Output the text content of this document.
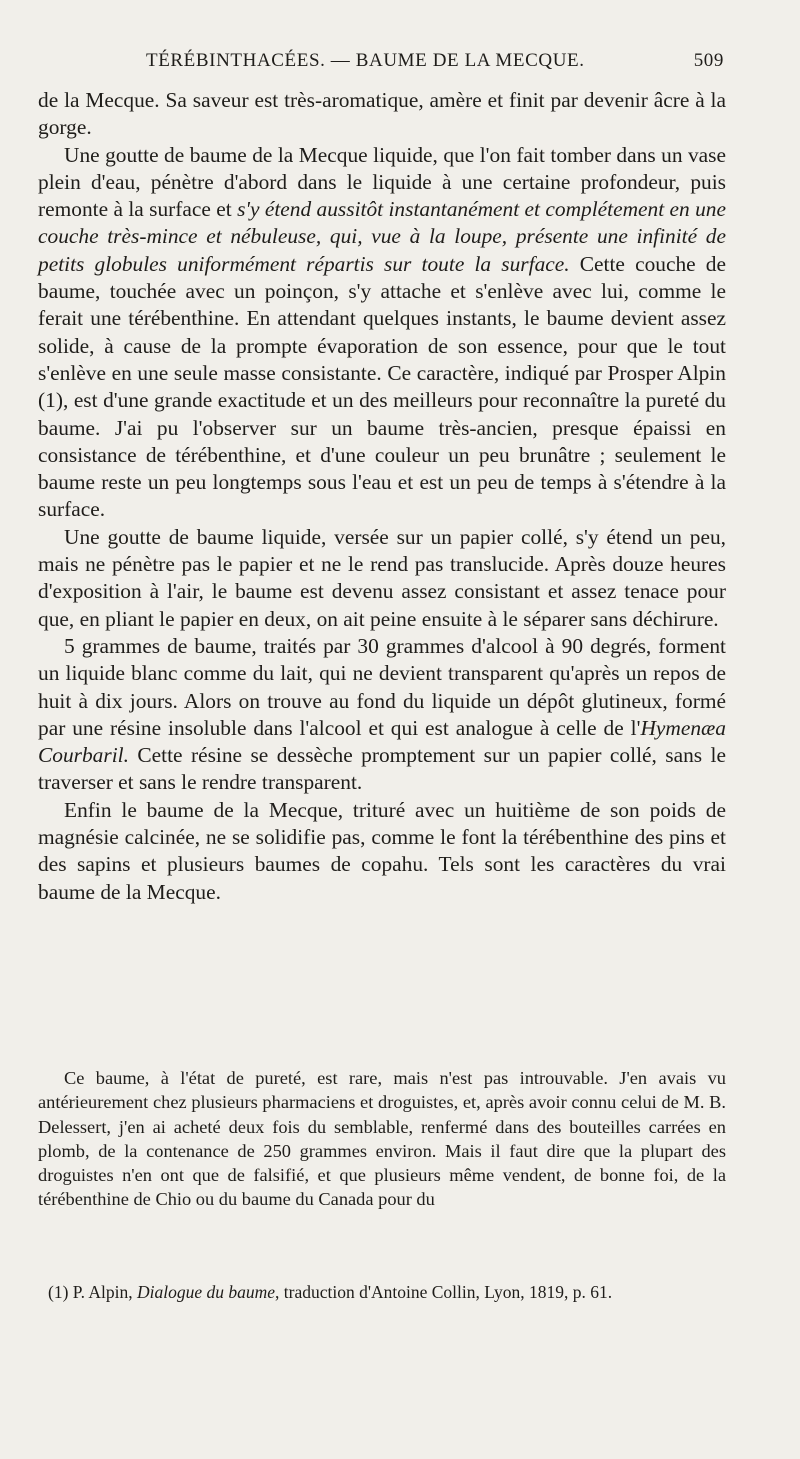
TÉRÉBINTHACÉES. — BAUME DE LA MECQUE.	509

de la Mecque. Sa saveur est très-aromatique, amère et finit par devenir âcre à la gorge.

Une goutte de baume de la Mecque liquide, que l'on fait tomber dans un vase plein d'eau, pénètre d'abord dans le liquide à une certaine profondeur, puis remonte à la surface et s'y étend aussitôt instantanément et complétement en une couche très-mince et nébuleuse, qui, vue à la loupe, présente une infinité de petits globules uniformément répartis sur toute la surface. Cette couche de baume, touchée avec un poinçon, s'y attache et s'enlève avec lui, comme le ferait une térébenthine. En attendant quelques instants, le baume devient assez solide, à cause de la prompte évaporation de son essence, pour que le tout s'enlève en une seule masse consistante. Ce caractère, indiqué par Prosper Alpin (1), est d'une grande exactitude et un des meilleurs pour reconnaître la pureté du baume. J'ai pu l'observer sur un baume très-ancien, presque épaissi en consistance de térébenthine, et d'une couleur un peu brunâtre ; seulement le baume reste un peu longtemps sous l'eau et est un peu de temps à s'étendre à la surface.

Une goutte de baume liquide, versée sur un papier collé, s'y étend un peu, mais ne pénètre pas le papier et ne le rend pas translucide. Après douze heures d'exposition à l'air, le baume est devenu assez consistant et assez tenace pour que, en pliant le papier en deux, on ait peine ensuite à le séparer sans déchirure.

5 grammes de baume, traités par 30 grammes d'alcool à 90 degrés, forment un liquide blanc comme du lait, qui ne devient transparent qu'après un repos de huit à dix jours. Alors on trouve au fond du liquide un dépôt glutineux, formé par une résine insoluble dans l'alcool et qui est analogue à celle de l'Hymenæa Courbaril. Cette résine se dessèche promptement sur un papier collé, sans le traverser et sans le rendre transparent.

Enfin le baume de la Mecque, trituré avec un huitième de son poids de magnésie calcinée, ne se solidifie pas, comme le font la térébenthine des pins et des sapins et plusieurs baumes de copahu. Tels sont les caractères du vrai baume de la Mecque.

Ce baume, à l'état de pureté, est rare, mais n'est pas introuvable. J'en avais vu antérieurement chez plusieurs pharmaciens et droguistes, et, après avoir connu celui de M. B. Delessert, j'en ai acheté deux fois du semblable, renfermé dans des bouteilles carrées en plomb, de la contenance de 250 grammes environ. Mais il faut dire que la plupart des droguistes n'en ont que de falsifié, et que plusieurs même vendent, de bonne foi, de la térébenthine de Chio ou du baume du Canada pour du

(1) P. Alpin, Dialogue du baume, traduction d'Antoine Collin, Lyon, 1819, p. 61.
